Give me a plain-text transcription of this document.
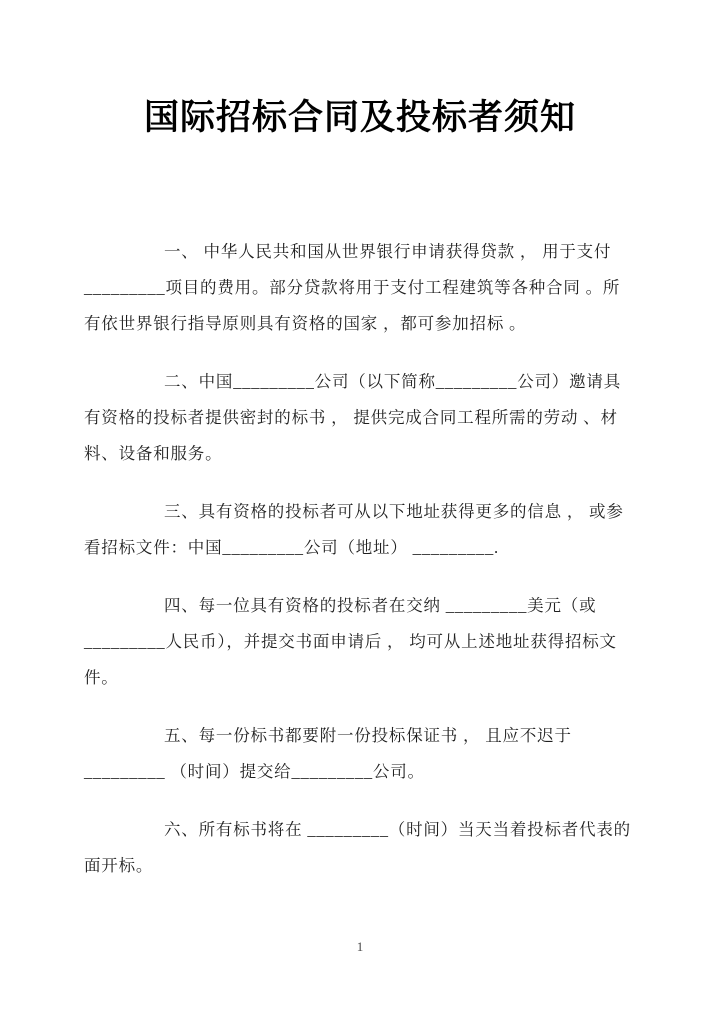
国际招标合同及投标者须知

一、 中华人民共和国从世界银行申请获得贷款 ， 用于支付_________项目的费用。部分贷款将用于支付工程建筑等各种合同 。所有依世界银行指导原则具有资格的国家 ，都可参加招标 。

二、中国_________公司（以下简称_________公司）邀请具有资格的投标者提供密封的标书 ， 提供完成合同工程所需的劳动 、材料、设备和服务。

三、具有资格的投标者可从以下地址获得更多的信息 ， 或参看招标文件：中国_________公司（地址） _________.

四、每一位具有资格的投标者在交纳 _________美元（或_________人民币），并提交书面申请后 ， 均可从上述地址获得招标文件。

五、每一份标书都要附一份投标保证书 ， 且应不迟于_________ （时间）提交给_________公司。

六、所有标书将在 _________（时间）当天当着投标者代表的面开标。

1
